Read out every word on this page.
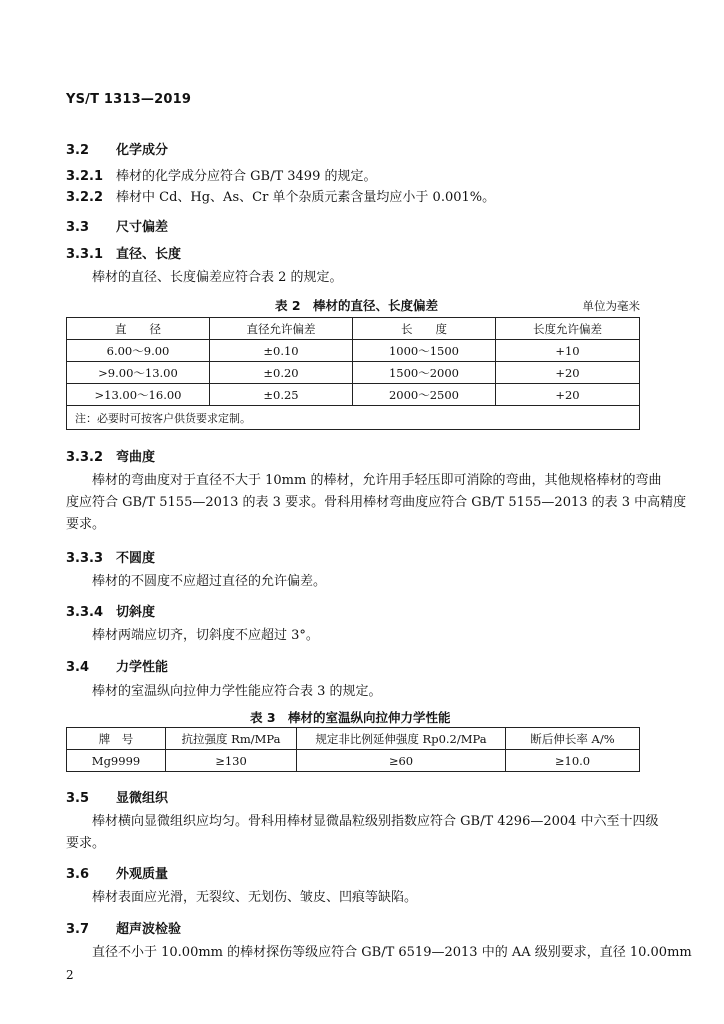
YS/T 1313—2019
3.2 化学成分
3.2.1 棒材的化学成分应符合 GB/T 3499 的规定。
3.2.2 棒材中 Cd、Hg、As、Cr 单个杂质元素含量均应小于 0.001%。
3.3 尺寸偏差
3.3.1 直径、长度
棒材的直径、长度偏差应符合表 2 的规定。
表 2　棒材的直径、长度偏差	单位为毫米
直　　径	直径允许偏差	长　　度	长度允许偏差
6.00～9.00	±0.10	1000～1500	+10
>9.00～13.00	±0.20	1500～2000	+20
>13.00～16.00	±0.25	2000～2500	+20
注：必要时可按客户供货要求定制。			
3.3.2 弯曲度
棒材的弯曲度对于直径不大于 10mm 的棒材，允许用手轻压即可消除的弯曲，其他规格棒材的弯曲
度应符合 GB/T 5155—2013 的表 3 要求。骨科用棒材弯曲度应符合 GB/T 5155—2013 的表 3 中高精度
要求。
3.3.3 不圆度
棒材的不圆度不应超过直径的允许偏差。
3.3.4 切斜度
棒材两端应切齐，切斜度不应超过 3°。
3.4 力学性能
棒材的室温纵向拉伸力学性能应符合表 3 的规定。
表 3　棒材的室温纵向拉伸力学性能
牌　号	抗拉强度 Rm/MPa	规定非比例延伸强度 Rp0.2/MPa	断后伸长率 A/%
Mg9999	≥130	≥60	≥10.0
3.5 显微组织
棒材横向显微组织应均匀。骨科用棒材显微晶粒级别指数应符合 GB/T 4296—2004 中六至十四级
要求。
3.6 外观质量
棒材表面应光滑，无裂纹、无划伤、皱皮、凹痕等缺陷。
3.7 超声波检验
直径不小于 10.00mm 的棒材探伤等级应符合 GB/T 6519—2013 中的 AA 级别要求，直径 10.00mm
2
